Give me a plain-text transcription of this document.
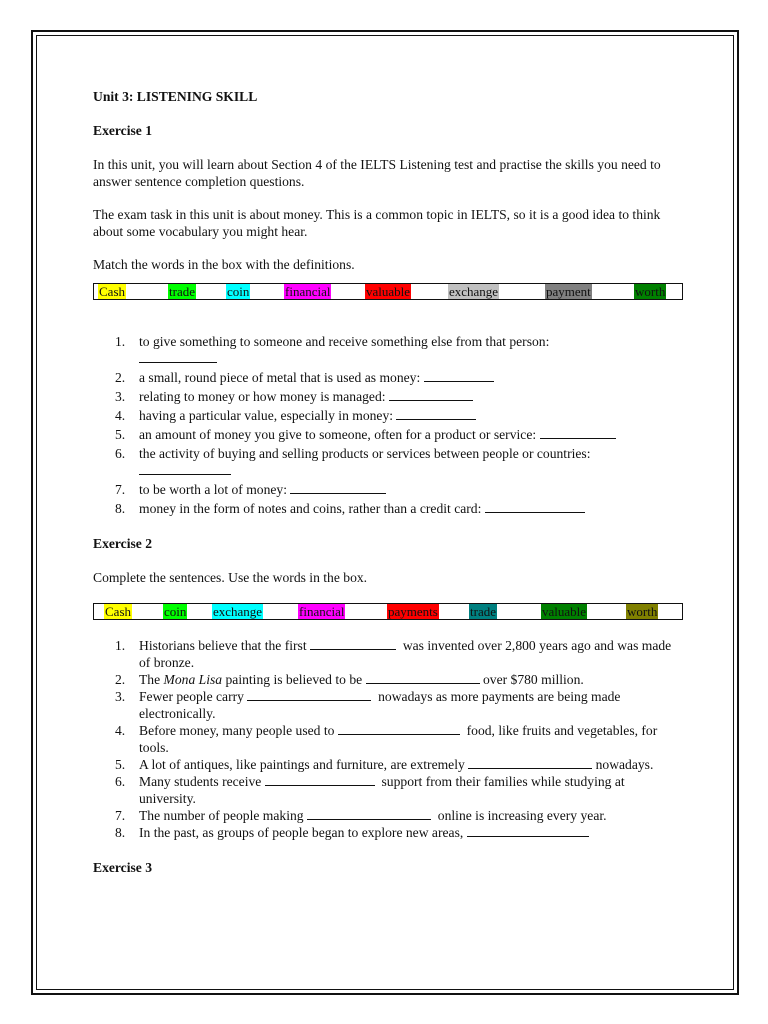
Unit 3: LISTENING SKILL

Exercise 1

In this unit, you will learn about Section 4 of the IELTS Listening test and practise the skills you need to answer sentence completion questions.

The exam task in this unit is about money. This is a common topic in IELTS, so it is a good idea to think about some vocabulary you might hear.

Match the words in the box with the definitions.

Cash	trade coin	financial	valuable	exchange	payment	worth
1. to give something to someone and receive something else from that person:

2. a small, round piece of metal that is used as money:
3. relating to money or how money is managed:
4. having a particular value, especially in money:
5. an amount of money you give to someone, often for a product or service:
6. the activity of buying and selling products or services between people or countries:

7. to be worth a lot of money:
8. money in the form of notes and coins, rather than a credit card:

Exercise 2

Complete the sentences. Use the words in the box.

Cash	coin exchange	financial	payments trade	valuable	worth
1. Historians believe that the first	was invented over 2,800 years ago and was made of bronze.
2. The Mona Lisa painting is believed to be	over $780 million.
3. Fewer people carry	nowadays as more payments are being made electronically.
4. Before money, many people used to	food, like fruits and vegetables, for tools.
5. A lot of antiques, like paintings and furniture, are extremely	nowadays.
6. Many students receive	support from their families while studying at university.
7. The number of people making	online is increasing every year.
8. In the past, as groups of people began to explore new areas,

Exercise 3
